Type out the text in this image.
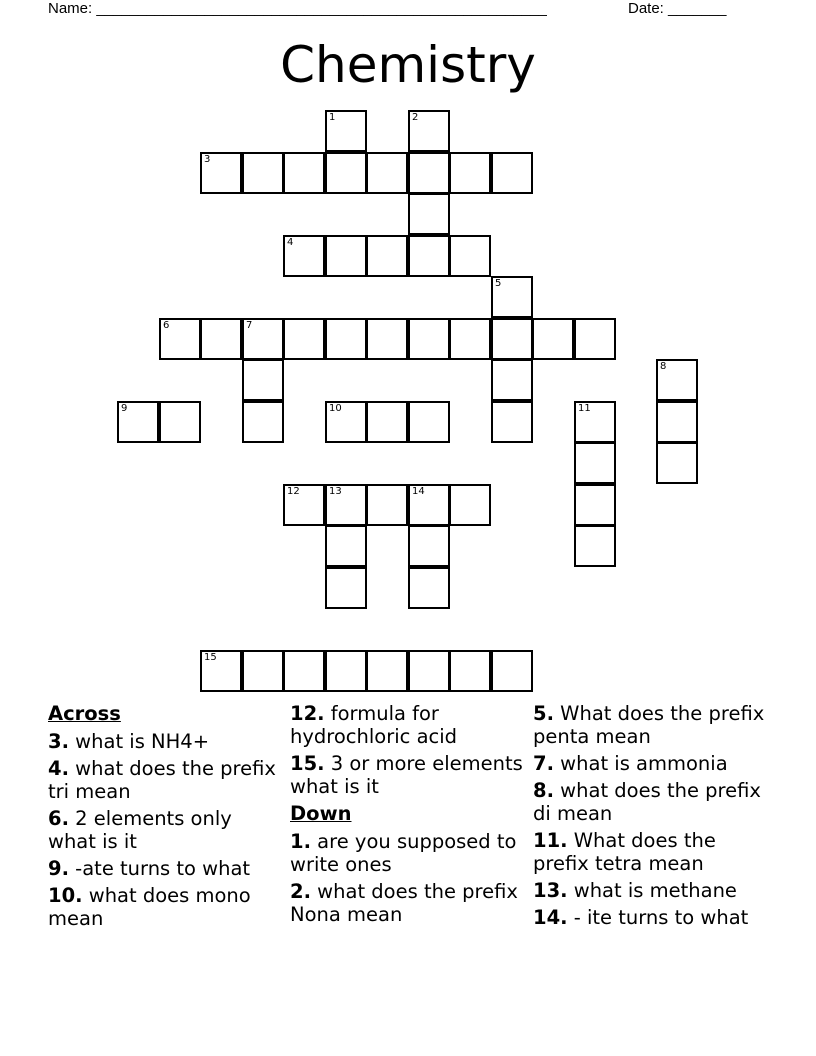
Name: ______________________________________________________	Date: _______
Chemistry
1	2
3
4
5
6	7
8
9	10	11
12	13	14
15
Across
3. what is NH4+
4. what does the prefix tri mean
6. 2 elements only what is it
9. -ate turns to what
10. what does mono mean
12. formula for hydrochloric acid
15. 3 or more elements what is it
Down
1. are you supposed to write ones
2. what does the prefix Nona mean
5. What does the prefix penta mean
7. what is ammonia
8. what does the prefix di mean
11. What does the prefix tetra mean
13. what is methane
14. - ite turns to what
